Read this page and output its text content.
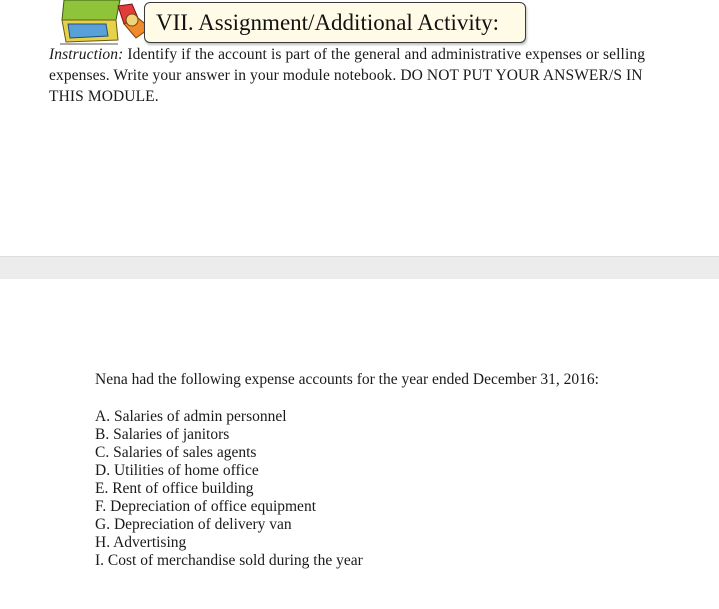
VII. Assignment/Additional Activity:
Instruction: Identify if the account is part of the general and administrative expenses or selling expenses. Write your answer in your module notebook. DO NOT PUT YOUR ANSWER/S IN THIS MODULE.
Nena had the following expense accounts for the year ended December 31, 2016:
A. Salaries of admin personnel
B. Salaries of janitors
C. Salaries of sales agents
D. Utilities of home office
E. Rent of office building
F. Depreciation of office equipment
G. Depreciation of delivery van
H. Advertising
I. Cost of merchandise sold during the year
